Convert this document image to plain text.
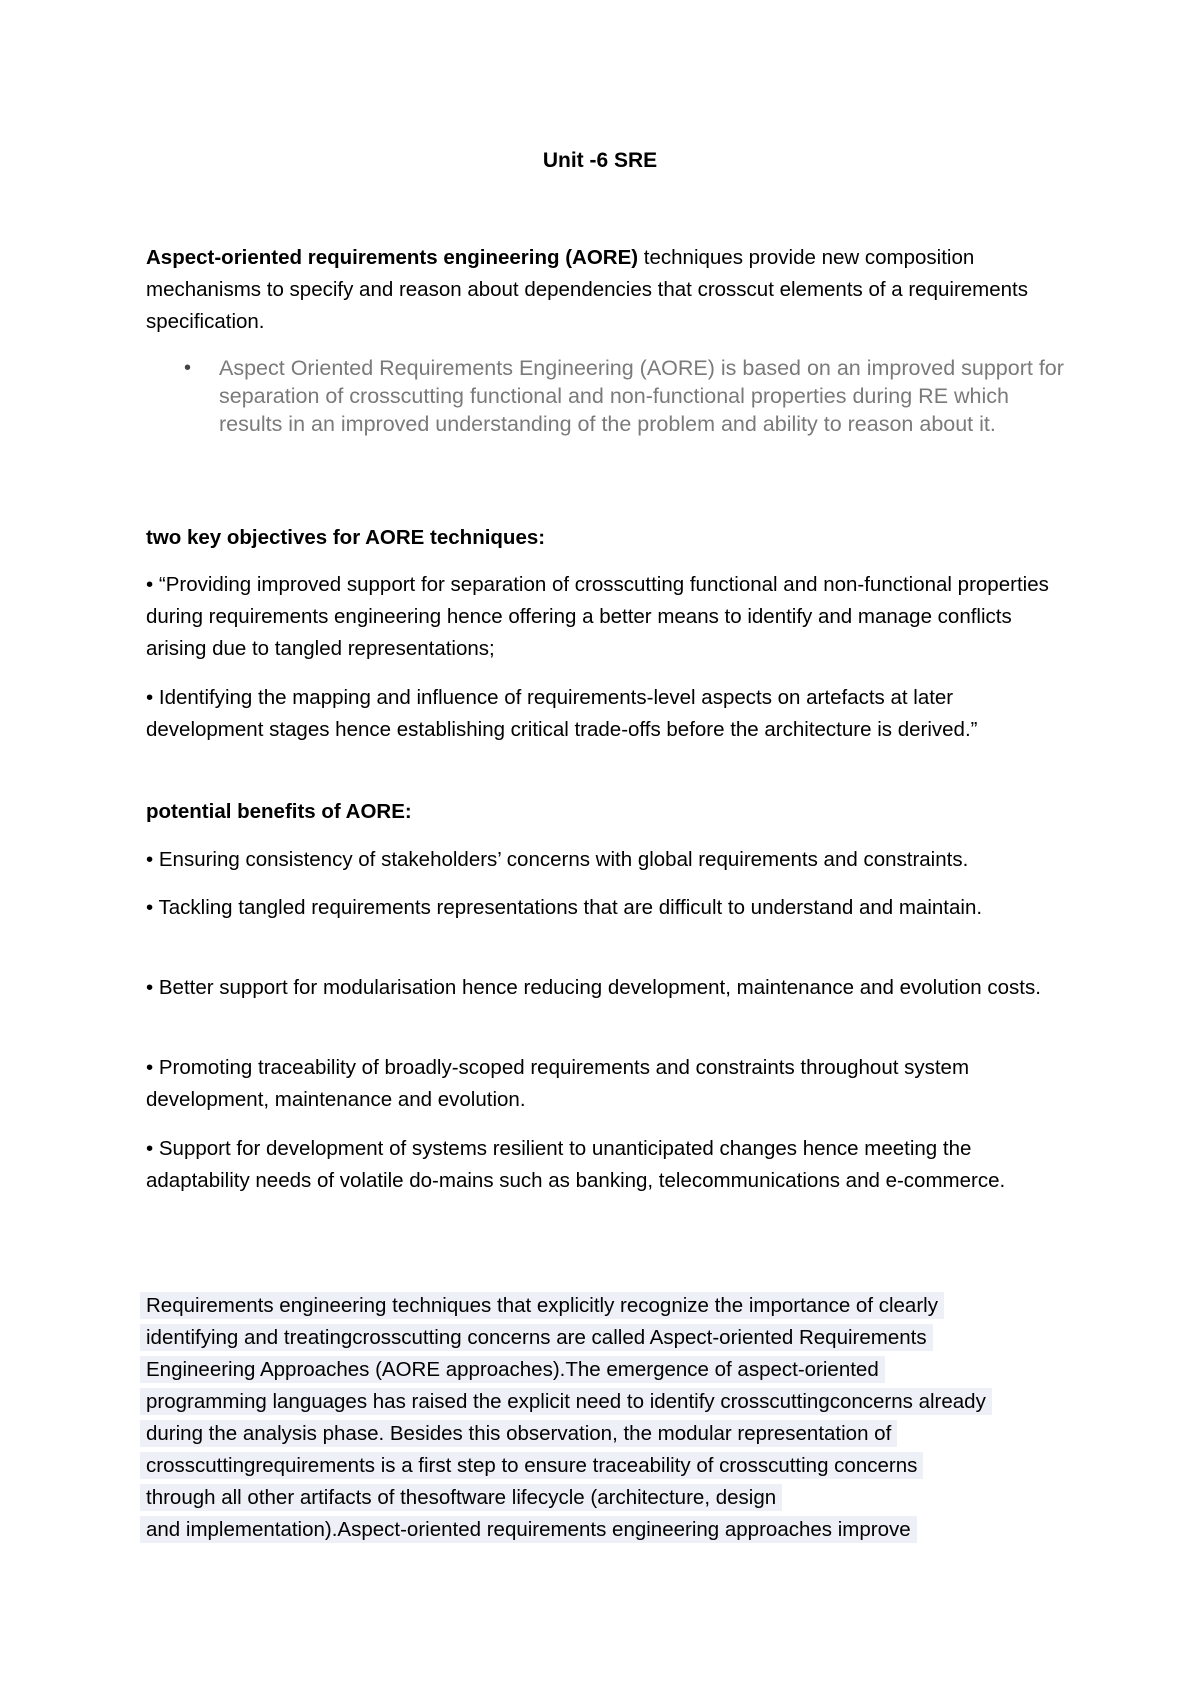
Unit -6 SRE

Aspect-oriented requirements engineering (AORE) techniques provide new composition mechanisms to specify and reason about dependencies that crosscut elements of a requirements specification.

• Aspect Oriented Requirements Engineering (AORE) is based on an improved support for separation of crosscutting functional and non-functional properties during RE which results in an improved understanding of the problem and ability to reason about it.

two key objectives for AORE techniques:

• “Providing improved support for separation of crosscutting functional and non-functional properties during requirements engineering hence offering a better means to identify and manage conflicts arising due to tangled representations;

• Identifying the mapping and influence of requirements-level aspects on artefacts at later development stages hence establishing critical trade-offs before the architecture is derived.”

potential benefits of AORE:

• Ensuring consistency of stakeholders’ concerns with global requirements and constraints.

• Tackling tangled requirements representations that are difficult to understand and maintain.

• Better support for modularisation hence reducing development, maintenance and evolution costs.

• Promoting traceability of broadly-scoped requirements and constraints throughout system development, maintenance and evolution.

• Support for development of systems resilient to unanticipated changes hence meeting the adaptability needs of volatile do-mains such as banking, telecommunications and e-commerce.

Requirements engineering techniques that explicitly recognize the importance of clearly
identifying and treatingcrosscutting concerns are called Aspect-oriented Requirements
Engineering Approaches (AORE approaches).The emergence of aspect-oriented
programming languages has raised the explicit need to identify crosscuttingconcerns already
during the analysis phase. Besides this observation, the modular representation of
crosscuttingrequirements is a first step to ensure traceability of crosscutting concerns
through all other artifacts of thesoftware lifecycle (architecture, design
and implementation).Aspect-oriented requirements engineering approaches improve
